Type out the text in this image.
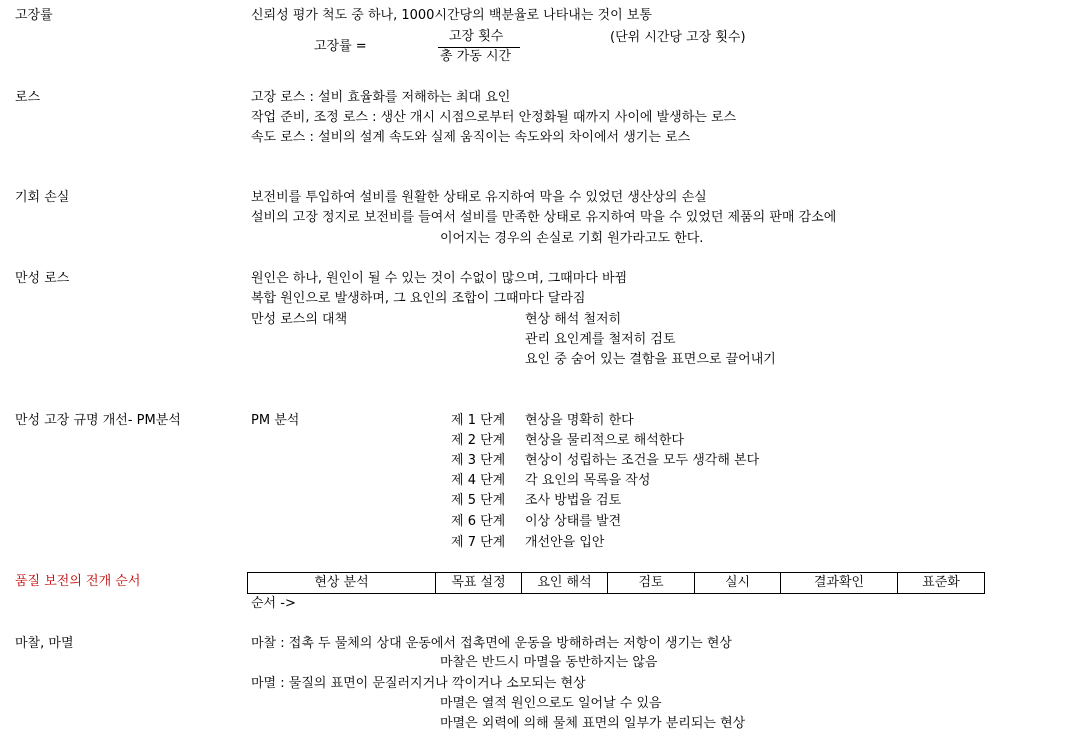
고장률	신뢰성 평가 척도 중 하나, 1000시간당의 백분율로 나타내는 것이 보통
고장률 =
고장 횟수
총 가동 시간
(단위 시간당 고장 횟수)
로스	고장 로스 : 설비 효율화를 저해하는 최대 요인
작업 준비, 조정 로스 : 생산 개시 시점으로부터 안정화될 때까지 사이에 발생하는 로스
속도 로스 : 설비의 설계 속도와 실제 움직이는 속도와의 차이에서 생기는 로스
기회 손실	보전비를 투입하여 설비를 원활한 상태로 유지하여 막을 수 있었던 생산상의 손실
설비의 고장 정지로 보전비를 들여서 설비를 만족한 상태로 유지하여 막을 수 있었던 제품의 판매 감소에
이어지는 경우의 손실로 기회 원가라고도 한다.
만성 로스	원인은 하나, 원인이 될 수 있는 것이 수없이 많으며, 그때마다 바뀜
복합 원인으로 발생하며, 그 요인의 조합이 그때마다 달라짐
만성 로스의 대책	현상 해석 철저히
관리 요인계를 철저히 검토
요인 중 숨어 있는 결함을 표면으로 끌어내기
만성 고장 규명 개선- PM분석	PM 분석	제 1 단계 현상을 명확히 한다
제 2 단계 현상을 물리적으로 해석한다
제 3 단계 현상이 성립하는 조건을 모두 생각해 본다
제 4 단계 각 요인의 목록을 작성
제 5 단계 조사 방법을 검토
제 6 단계 이상 상태를 발견
제 7 단계 개선안을 입안
품질 보전의 전개 순서	현상 분석	목표 설정	요인 해석	검토	실시	결과확인	표준화
순서 ->
마찰, 마멸	마찰 : 접촉 두 물체의 상대 운동에서 접촉면에 운동을 방해하려는 저항이 생기는 현상
마찰은 반드시 마멸을 동반하지는 않음
마멸 : 물질의 표면이 문질러지거나 깍이거나 소모되는 현상
마멸은 열적 원인으로도 일어날 수 있음
마멸은 외력에 의해 물체 표면의 일부가 분리되는 현상
